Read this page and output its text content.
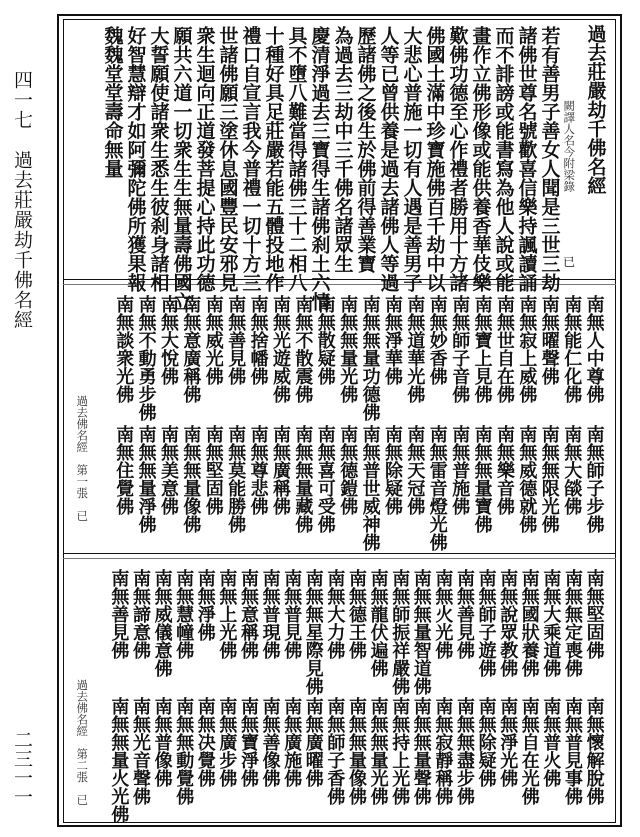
四一七　過去莊嚴劫千佛名經
二三一一
過去莊嚴劫千佛名經
闕譯人名今附梁錄
已
若有善男子善女人聞是三世三劫
諸佛世尊名號歡喜信樂持諷讀誦
而不誹謗或能書寫為他人說或能
畫作立佛形像或能供養香華伎樂
歎佛功德至心作禮者勝用十方諸
佛國土滿中珍寶施佛百千劫中以
大悲心普施一切有人遇是善男子
人等已曾供養是過去諸佛人等過
歷諸佛之後生於佛前得善業寶
為過去三劫中三千佛名諸眾生
慶清淨過去三寶得生諸佛刹土六情
具不墮八難當得諸佛三十二相八
十種好具足莊嚴若能五體投地作
禮口自宣言我今普禮一切十方三
世諸佛願三塗休息國豐民安邪見
衆生迴向正道發菩提心持此功德
願共六道一切衆生生無量壽佛國立
大誓願使諸衆生悉生彼刹身諸相
好智慧辯才如阿彌陀佛所獲果報
魏魏堂堂壽命無量
南無人中尊佛
南無師子步佛
南無能仁化佛
南無大燄佛
南無曜聲佛
南無無限光佛
南無寂上威佛
南無威德就佛
南無世自在佛
南無樂音佛
南無寶上見佛
南無無量寶佛
南無師子音佛
南無普施佛
南無妙香佛
南無雷音燈光佛
南無道華光佛
南無天冠佛
南無淨華佛
南無除疑佛
南無無量功德佛
南無普世威神佛
南無無量光佛
南無德鎧佛
南無散疑佛
南無喜可受佛
南無不散震佛
南無無量藏佛
南無光遊威佛
南無廣稱佛
南無捨幡佛
南無尊悲佛
南無善見佛
南無莫能勝佛
南無威光佛
南無堅固佛
南無意廣稱佛
南無無量像佛
南無大悅佛
南無美意佛
南無不動勇步佛
南無無量淨佛
南無談衆光佛
南無住覺佛
過去佛名經　第一張　已
南無堅固佛
南無懷解脫佛
南無無定喪佛
南無普見事佛
南無大乘道佛
南無普火佛
南無國狀養佛
南無自在光佛
南無說眾教佛
南無淨光佛
南無師子遊佛
南無除疑佛
南無善見佛
南無無盡步佛
南無火光佛
南無寂靜稱佛
南無無量智道佛
南無無量聲佛
南無師振祥嚴佛
南無持上光佛
南無龍伏遍佛
南無無量光佛
南無德王佛
南無無量像佛
南無大力佛
南無師子香佛
南無無星際見佛
南無廣曜佛
南無普見佛
南無廣施佛
南無普現佛
南無善像佛
南無意稱佛
南無寶淨佛
南無上光佛
南無廣步佛
南無淨佛
南無决覺佛
南無慧幢佛
南無無動覺佛
南無威儀意佛
南無普像佛
南無諦意佛
南無光音聲佛
南無善見佛
南無無量火光佛
過去佛名經　第二張　已
